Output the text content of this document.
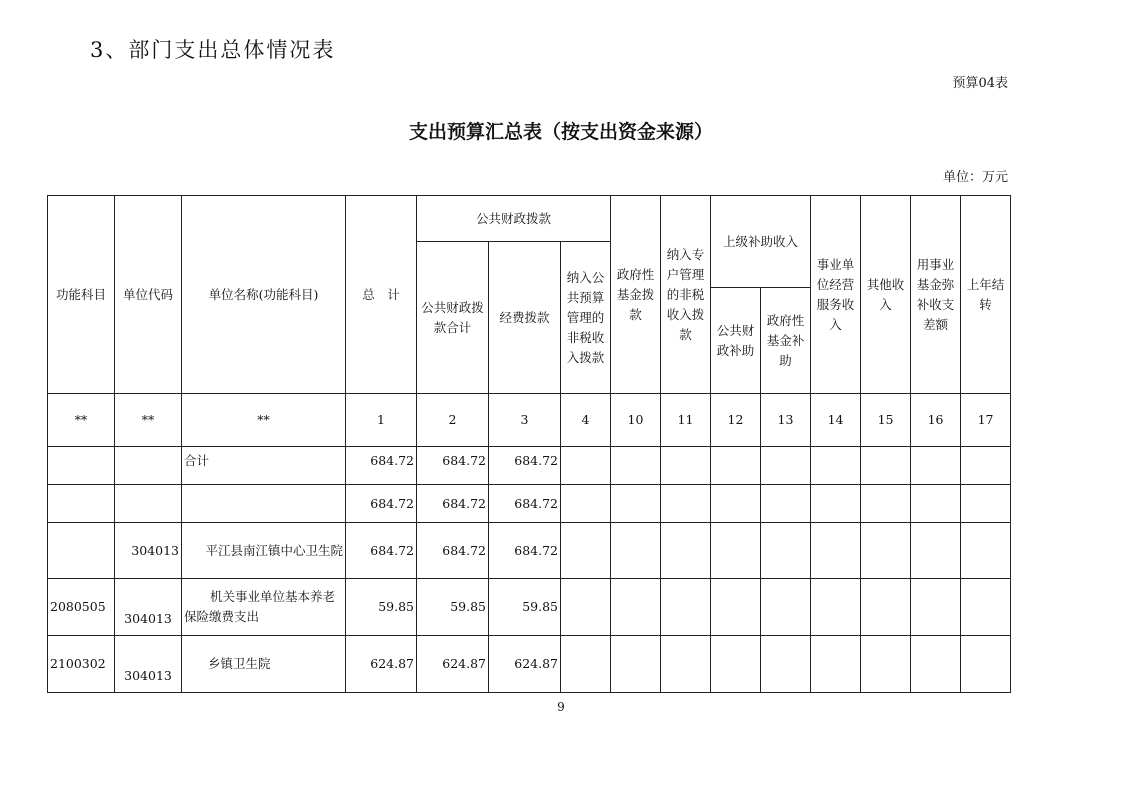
3、部门支出总体情况表
预算04表
支出预算汇总表（按支出资金来源）
单位：万元
功能科目	单位代码	单位名称(功能科目)	总　计	公共财政拨款			政府性基金拨款	纳入专户管理的非税收入拨款	上级补助收入		事业单位经营服务收入	其他收入	用事业基金弥补收支差额	上年结转
				公共财政拨款合计	经费拨款	纳入公共预算管理的非税收入拨款								
									公共财政补助	政府性基金补助				
**	**	**	1	2	3	4	10	11	12	13	14	15	16	17
		合计	684.72	684.72	684.72									
			684.72	684.72	684.72									
	304013	平江县南江镇中心卫生院	684.72	684.72	684.72									
2080505	304013	机关事业单位基本养老保险缴费支出	59.85	59.85	59.85									
2100302	304013	乡镇卫生院	624.87	624.87	624.87									
9
